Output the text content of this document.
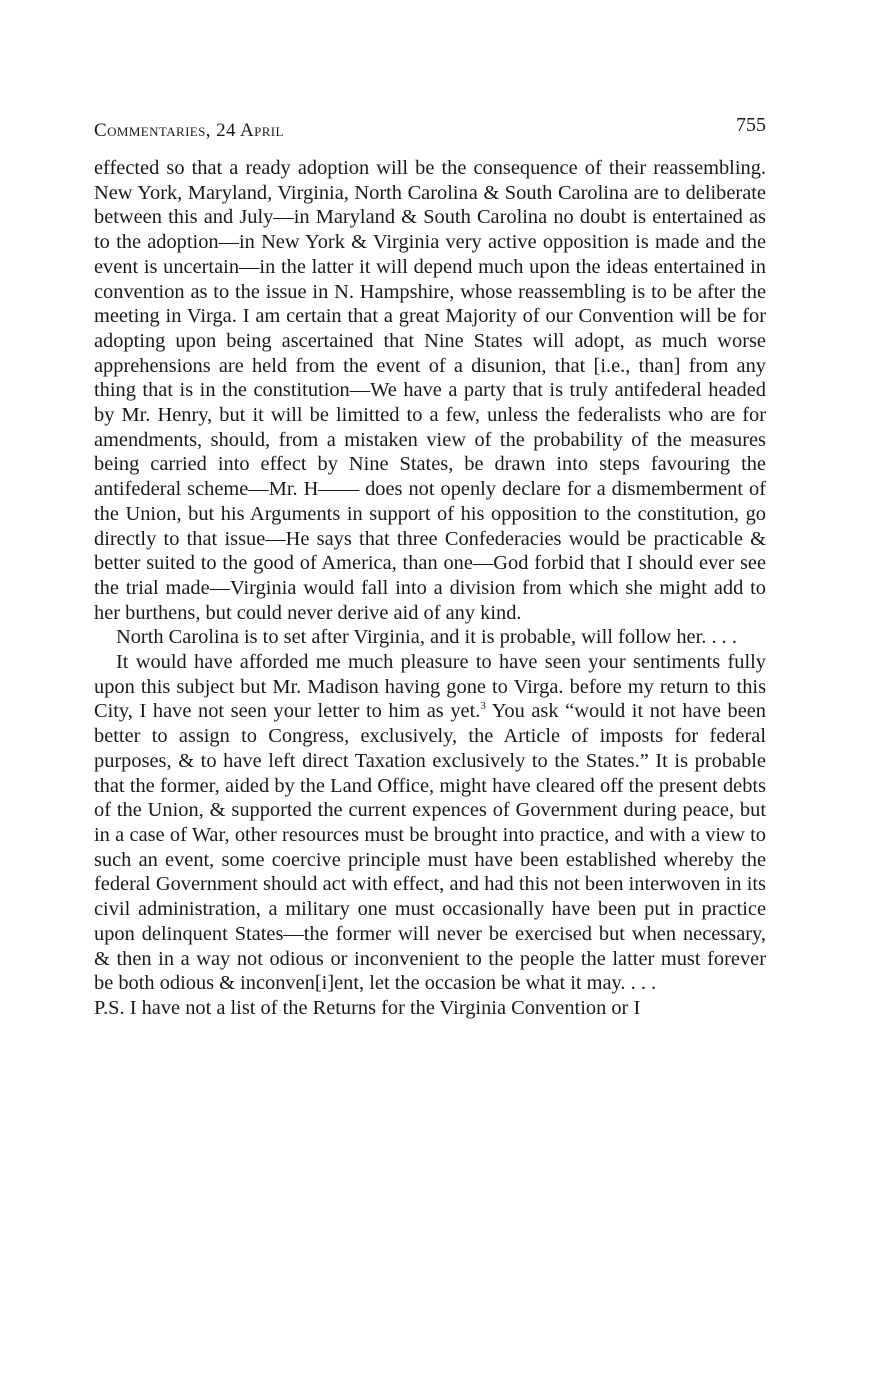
Commentaries, 24 April	755

effected so that a ready adoption will be the consequence of their reassembling. New York, Maryland, Virginia, North Carolina & South Carolina are to deliberate between this and July—in Maryland & South Carolina no doubt is entertained as to the adoption—in New York & Virginia very active opposition is made and the event is uncertain—in the latter it will depend much upon the ideas entertained in convention as to the issue in N. Hampshire, whose reassembling is to be after the meeting in Virga. I am certain that a great Majority of our Convention will be for adopting upon being ascertained that Nine States will adopt, as much worse apprehensions are held from the event of a disunion, that [i.e., than] from any thing that is in the constitution—We have a party that is truly antifederal headed by Mr. Henry, but it will be limitted to a few, unless the federalists who are for amendments, should, from a mistaken view of the probability of the measures being carried into effect by Nine States, be drawn into steps favouring the antifederal scheme—Mr. H—— does not openly declare for a dismemberment of the Union, but his Arguments in support of his opposition to the constitution, go directly to that issue—He says that three Confederacies would be practicable & better suited to the good of America, than one—God forbid that I should ever see the trial made—Virginia would fall into a division from which she might add to her burthens, but could never derive aid of any kind.

North Carolina is to set after Virginia, and it is probable, will follow her. . . .

It would have afforded me much pleasure to have seen your sentiments fully upon this subject but Mr. Madison having gone to Virga. before my return to this City, I have not seen your letter to him as yet.$^3$ You ask “would it not have been better to assign to Congress, exclusively, the Article of imposts for federal purposes, & to have left direct Taxation exclusively to the States.” It is probable that the former, aided by the Land Office, might have cleared off the present debts of the Union, & supported the current expences of Government during peace, but in a case of War, other resources must be brought into practice, and with a view to such an event, some coercive principle must have been established whereby the federal Government should act with effect, and had this not been interwoven in its civil administration, a military one must occasionally have been put in practice upon delinquent States—the former will never be exercised but when necessary, & then in a way not odious or inconvenient to the people the latter must forever be both odious & inconven[i]ent, let the occasion be what it may. . . .

P.S. I have not a list of the Returns for the Virginia Convention or I
